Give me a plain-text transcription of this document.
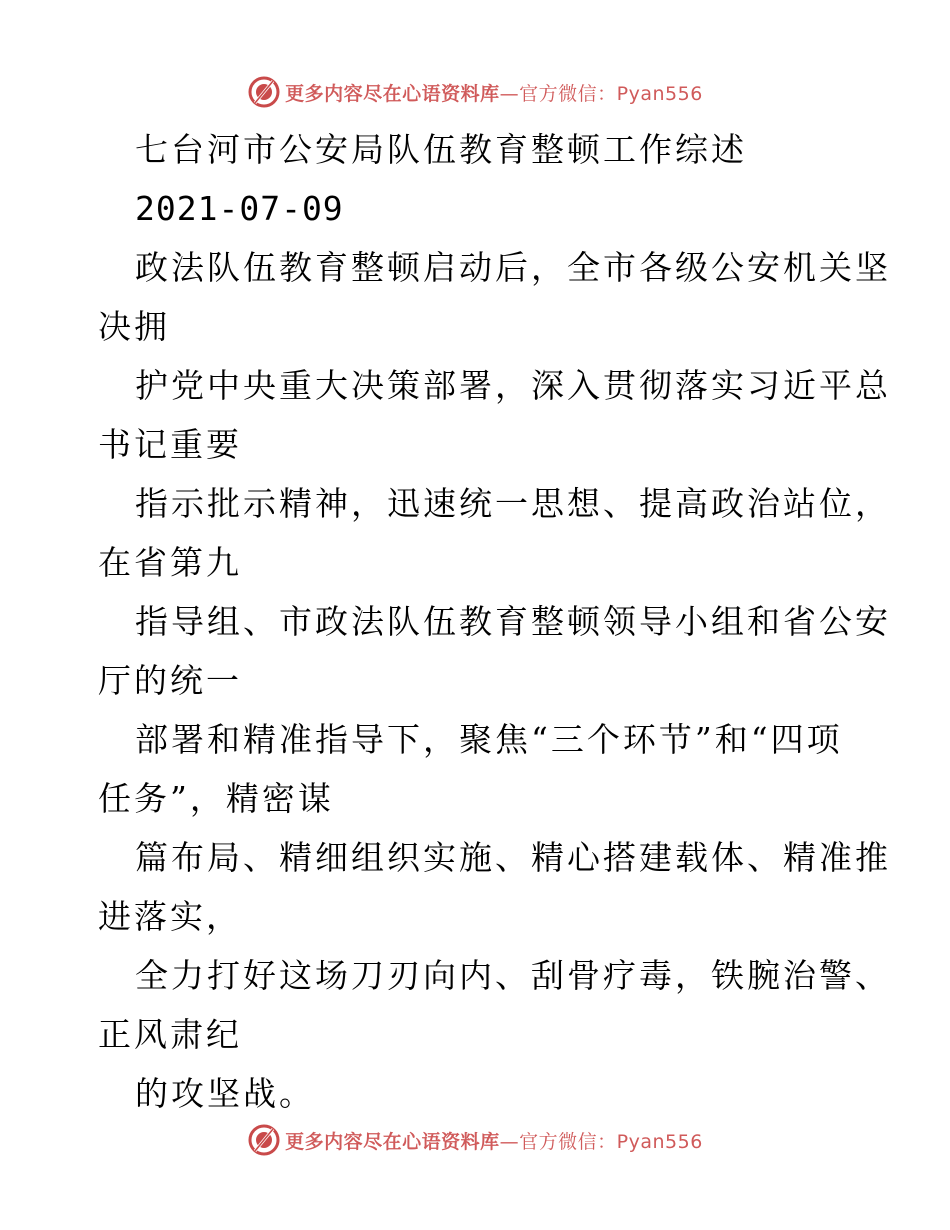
更多内容尽在心语资料库—官方微信：Pyan556
七台河市公安局队伍教育整顿工作综述
2021-07-09
政法队伍教育整顿启动后，全市各级公安机关坚
决拥
护党中央重大决策部署，深入贯彻落实习近平总
书记重要
指示批示精神，迅速统一思想、提高政治站位，
在省第九
指导组、市政法队伍教育整顿领导小组和省公安
厅的统一
部署和精准指导下，聚焦“三个环节”和“四项
任务”，精密谋
篇布局、精细组织实施、精心搭建载体、精准推
进落实，
全力打好这场刀刃向内、刮骨疗毒，铁腕治警、
正风肃纪
的攻坚战。
更多内容尽在心语资料库—官方微信：Pyan556
